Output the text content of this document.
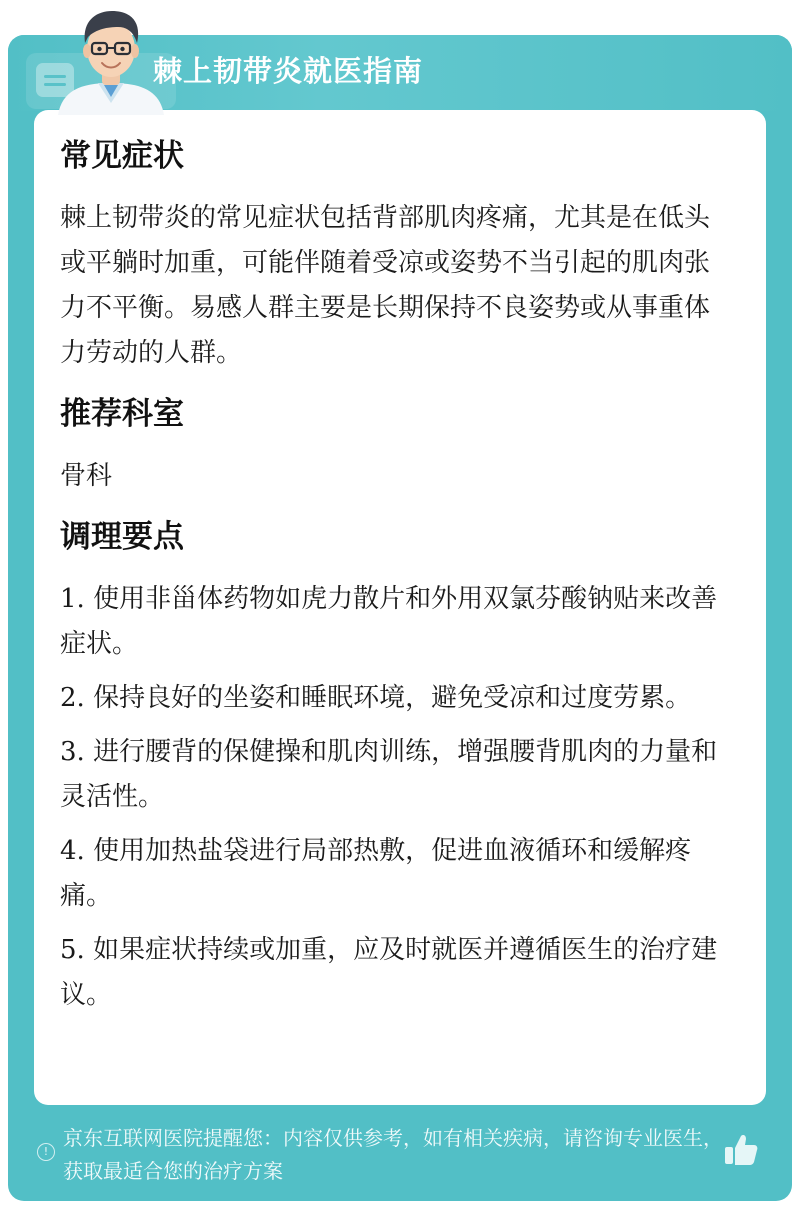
棘上韧带炎就医指南
常见症状
棘上韧带炎的常见症状包括背部肌肉疼痛，尤其是在低头或平躺时加重，可能伴随着受凉或姿势不当引起的肌肉张力不平衡。易感人群主要是长期保持不良姿势或从事重体力劳动的人群。
推荐科室
骨科
调理要点
1. 使用非甾体药物如虎力散片和外用双氯芬酸钠贴来改善症状。
2. 保持良好的坐姿和睡眠环境，避免受凉和过度劳累。
3. 进行腰背的保健操和肌肉训练，增强腰背肌肉的力量和灵活性。
4. 使用加热盐袋进行局部热敷，促进血液循环和缓解疼痛。
5. 如果症状持续或加重，应及时就医并遵循医生的治疗建议。
!
京东互联网医院提醒您：内容仅供参考，如有相关疾病，请咨询专业医生，获取最适合您的治疗方案
